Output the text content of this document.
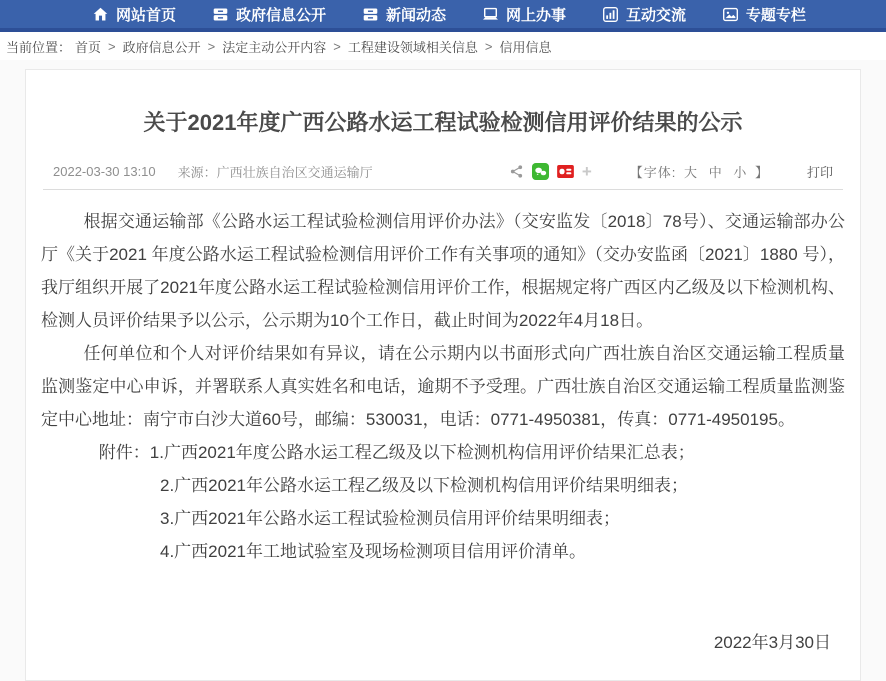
网站首页	政府信息公开	新闻动态	网上办事	互动交流	专题专栏
当前位置： 首页 > 政府信息公开 > 法定主动公开内容 > 工程建设领域相关信息 > 信用信息
关于2021年度广西公路水运工程试验检测信用评价结果的公示
2022-03-30 13:10 来源：广西壮族自治区交通运输厅	+	【字体: 大 中 小 】	打印

根据交通运输部《公路水运工程试验检测信用评价办法》（交安监发〔2018〕78号）、交通运输部办公厅《关于2021 年度公路水运工程试验检测信用评价工作有关事项的通知》（交办安监函〔2021〕1880 号），我厅组织开展了2021年度公路水运工程试验检测信用评价工作，根据规定将广西区内乙级及以下检测机构、检测人员评价结果予以公示，公示期为10个工作日，截止时间为2022年4月18日。

任何单位和个人对评价结果如有异议，请在公示期内以书面形式向广西壮族自治区交通运输工程质量监测鉴定中心申诉，并署联系人真实姓名和电话，逾期不予受理。广西壮族自治区交通运输工程质量监测鉴定中心地址：南宁市白沙大道60号，邮编：530031，电话：0771-4950381，传真：0771-4950195。

附件：1.广西2021年度公路水运工程乙级及以下检测机构信用评价结果汇总表；

2.广西2021年公路水运工程乙级及以下检测机构信用评价结果明细表；

3.广西2021年公路水运工程试验检测员信用评价结果明细表；

4.广西2021年工地试验室及现场检测项目信用评价清单。

2022年3月30日
